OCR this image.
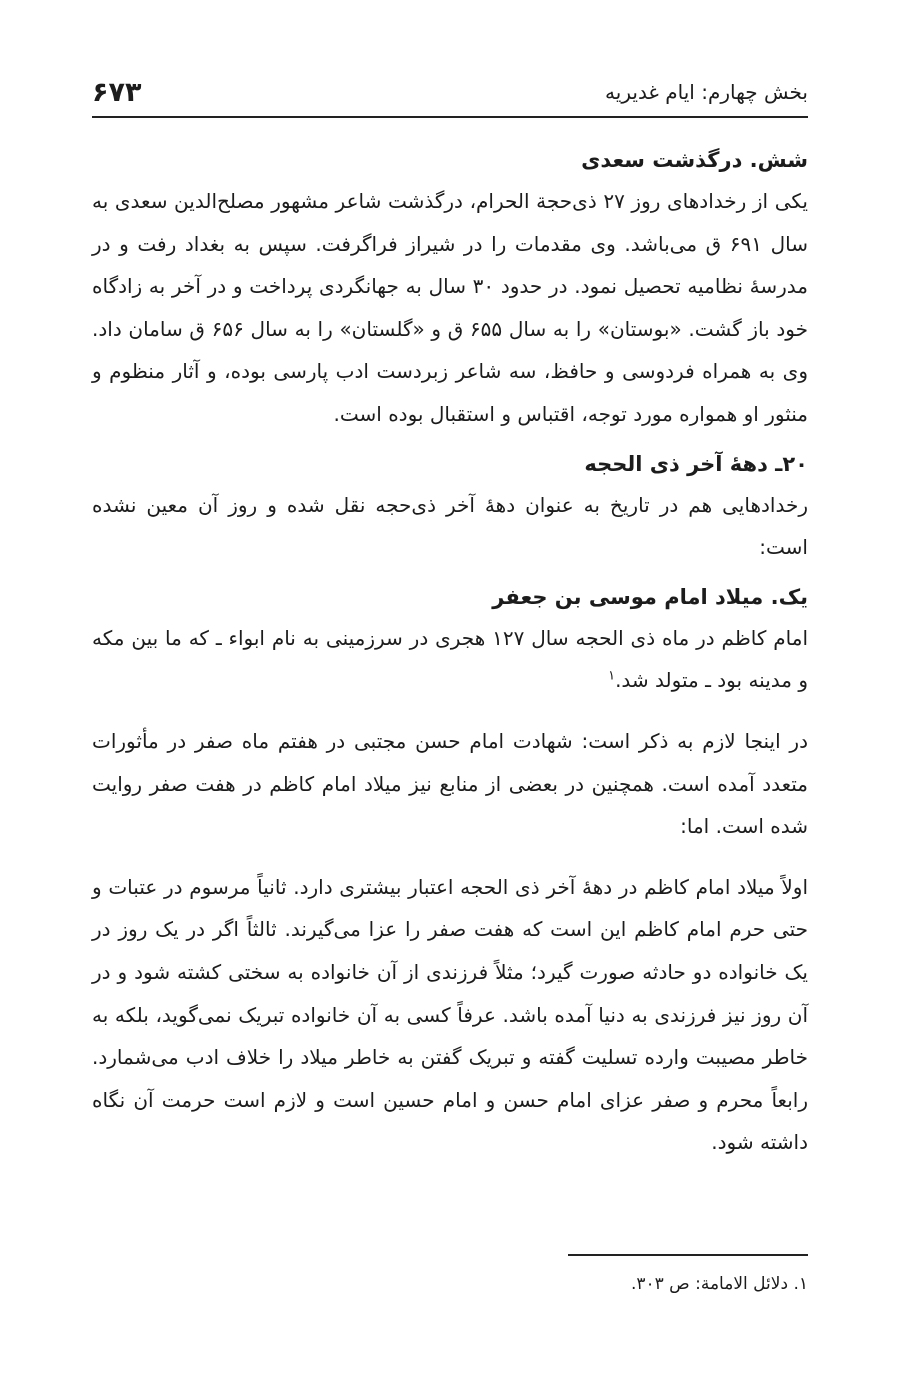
بخش چهارم: ایام غدیریه
۶۷۳
شش. درگذشت سعدی

یکی از رخدادهای روز ۲۷ ذی‌حجة الحرام، درگذشت شاعر مشهور مصلح‌الدین سعدی به سال ۶۹۱ ق می‌باشد. وی مقدمات را در شیراز فراگرفت. سپس به بغداد رفت و در مدرسهٔ نظامیه تحصیل نمود. در حدود ۳۰ سال به جهانگردی پرداخت و در آخر به زادگاه خود باز گشت. «بوستان» را به سال ۶۵۵ ق و «گلستان» را به سال ۶۵۶ ق سامان داد. وی به همراه فردوسی و حافظ، سه شاعر زبردست ادب پارسی بوده، و آثار منظوم و منثور او همواره مورد توجه، اقتباس و استقبال بوده است.

۲۰ـ دههٔ آخر ذی الحجه

رخدادهایی هم در تاریخ به عنوان دههٔ آخر ذی‌حجه نقل شده و روز آن معین نشده است:

یک. میلاد امام موسی بن جعفر

امام کاظم در ماه ذی الحجه سال ۱۲۷ هجری در سرزمینی به نام ابواء ـ که ما بین مکه و مدینه بود ـ متولد شد.$^۱$

در اینجا لازم به ذکر است: شهادت امام حسن مجتبی در هفتم ماه صفر در مأثورات متعدد آمده است. همچنین در بعضی از منابع نیز میلاد امام کاظم در هفت صفر روایت شده است. اما:

اولاً میلاد امام کاظم در دههٔ آخر ذی الحجه اعتبار بیشتری دارد. ثانیاً مرسوم در عتبات و حتی حرم امام کاظم این است که هفت صفر را عزا می‌گیرند. ثالثاً اگر در یک روز در یک خانواده دو حادثه صورت گیرد؛ مثلاً فرزندی از آن خانواده به سختی کشته شود و در آن روز نیز فرزندی به دنیا آمده باشد. عرفاً کسی به آن خانواده تبریک نمی‌گوید، بلکه به خاطر مصیبت وارده تسلیت گفته و تبریک گفتن به خاطر میلاد را خلاف ادب می‌شمارد. رابعاً محرم و صفر عزای امام حسن و امام حسین است و لازم است حرمت آن نگاه داشته شود.

۱. دلائل الامامة: ص ۳۰۳.
